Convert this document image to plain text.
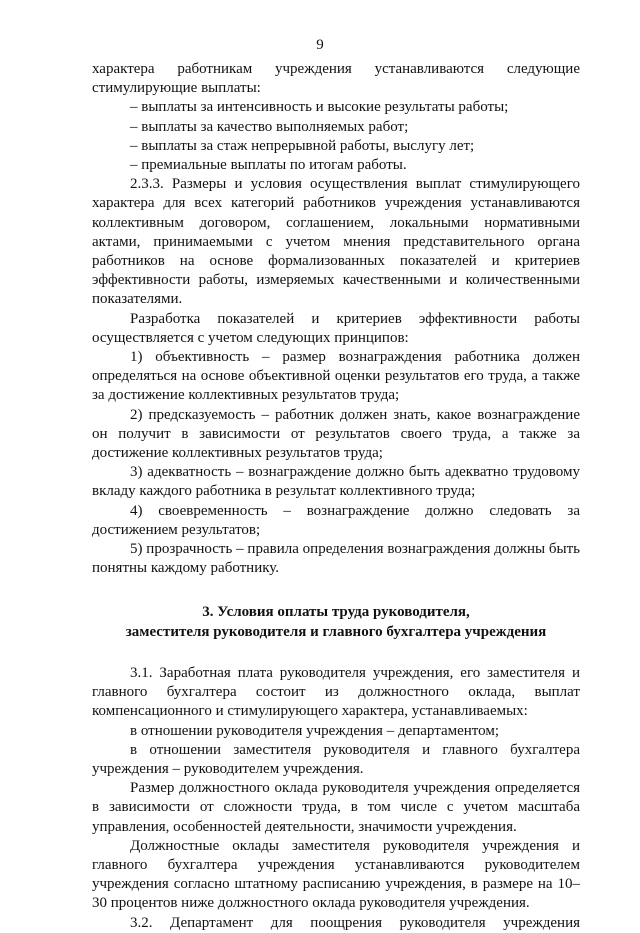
9

характера работникам учреждения устанавливаются следующие стимулирующие выплаты:

– выплаты за интенсивность и высокие результаты работы;

– выплаты за качество выполняемых работ;

– выплаты за стаж непрерывной работы, выслугу лет;

– премиальные выплаты по итогам работы.

2.3.3. Размеры и условия осуществления выплат стимулирующего характера для всех категорий работников учреждения устанавливаются коллективным договором, соглашением, локальными нормативными актами, принимаемыми с учетом мнения представительного органа работников на основе формализованных показателей и критериев эффективности работы, измеряемых качественными и количественными показателями.

Разработка показателей и критериев эффективности работы осуществляется с учетом следующих принципов:

1) объективность – размер вознаграждения работника должен определяться на основе объективной оценки результатов его труда, а также за достижение коллективных результатов труда;

2) предсказуемость – работник должен знать, какое вознаграждение он получит в зависимости от результатов своего труда, а также за достижение коллективных результатов труда;

3) адекватность – вознаграждение должно быть адекватно трудовому вкладу каждого работника в результат коллективного труда;

4) своевременность – вознаграждение должно следовать за достижением результатов;

5) прозрачность – правила определения вознаграждения должны быть понятны каждому работнику.

3. Условия оплаты труда руководителя,
заместителя руководителя и главного бухгалтера учреждения

3.1. Заработная плата руководителя учреждения, его заместителя и главного бухгалтера состоит из должностного оклада, выплат компенсационного и стимулирующего характера, устанавливаемых:

в отношении руководителя учреждения – департаментом;

в отношении заместителя руководителя и главного бухгалтера учреждения – руководителем учреждения.

Размер должностного оклада руководителя учреждения определяется в зависимости от сложности труда, в том числе с учетом масштаба управления, особенностей деятельности, значимости учреждения.

Должностные оклады заместителя руководителя учреждения и главного бухгалтера учреждения устанавливаются руководителем учреждения согласно штатному расписанию учреждения, в размере на 10–30 процентов ниже должностного оклада руководителя учреждения.

3.2. Департамент для поощрения руководителя учреждения
